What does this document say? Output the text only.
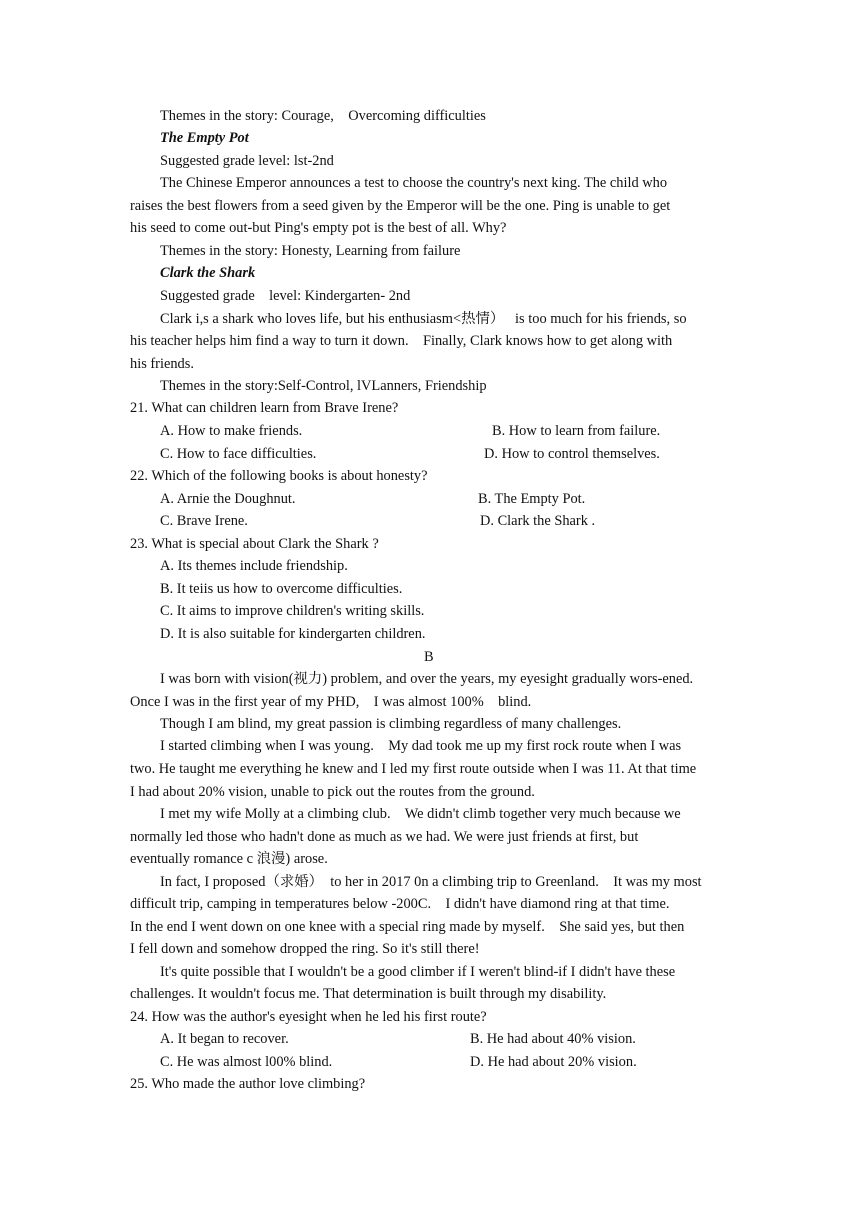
Themes in the story: Courage,    Overcoming difficulties
The Empty Pot
Suggested grade level: lst-2nd
The Chinese Emperor announces a test to choose the country's next king. The child who
raises the best flowers from a seed given by the Emperor will be the one. Ping is unable to get
his seed to come out-but Ping's empty pot is the best of all. Why?
Themes in the story: Honesty, Learning from failure
Clark the Shark
Suggested grade    level: Kindergarten- 2nd
Clark i,s a shark who loves life, but his enthusiasm<热情）   is too much for his friends, so
his teacher helps him find a way to turn it down.    Finally, Clark knows how to get along with
his friends.
Themes in the story:Self-Control, lVLanners, Friendship
21. What can children learn from Brave Irene?
A. How to make friends.	B. How to learn from failure.
C. How to face difficulties.	D. How to control themselves.
22. Which of the following books is about honesty?
A. Arnie the Doughnut.	B. The Empty Pot.
C. Brave Irene.	D. Clark the Shark .
23. What is special about Clark the Shark ?
A. Its themes include friendship.
B. It teiis us how to overcome difficulties.
C. It aims to improve children's writing skills.
D. It is also suitable for kindergarten children.
B
I was born with vision(视力) problem, and over the years, my eyesight gradually wors-ened.
Once I was in the first year of my PHD,    I was almost 100%    blind.
Though I am blind, my great passion is climbing regardless of many challenges.
I started climbing when I was young.    My dad took me up my first rock route when I was
two. He taught me everything he knew and I led my first route outside when I was 11. At that time
I had about 20% vision, unable to pick out the routes from the ground.
I met my wife Molly at a climbing club.    We didn't climb together very much because we
normally led those who hadn't done as much as we had. We were just friends at first, but
eventually romance c 浪漫) arose.
In fact, I proposed（求婚）  to her in 2017 0n a climbing trip to Greenland.    It was my most
difficult trip, camping in temperatures below -200C.    I didn't have diamond ring at that time.
In the end I went down on one knee with a special ring made by myself.    She said yes, but then
I fell down and somehow dropped the ring. So it's still there!
It's quite possible that I wouldn't be a good climber if I weren't blind-if I didn't have these
challenges. It wouldn't focus me. That determination is built through my disability.
24. How was the author's eyesight when he led his first route?
A. It began to recover.	B. He had about 40% vision.
C. He was almost l00% blind.	D. He had about 20% vision.
25. Who made the author love climbing?
